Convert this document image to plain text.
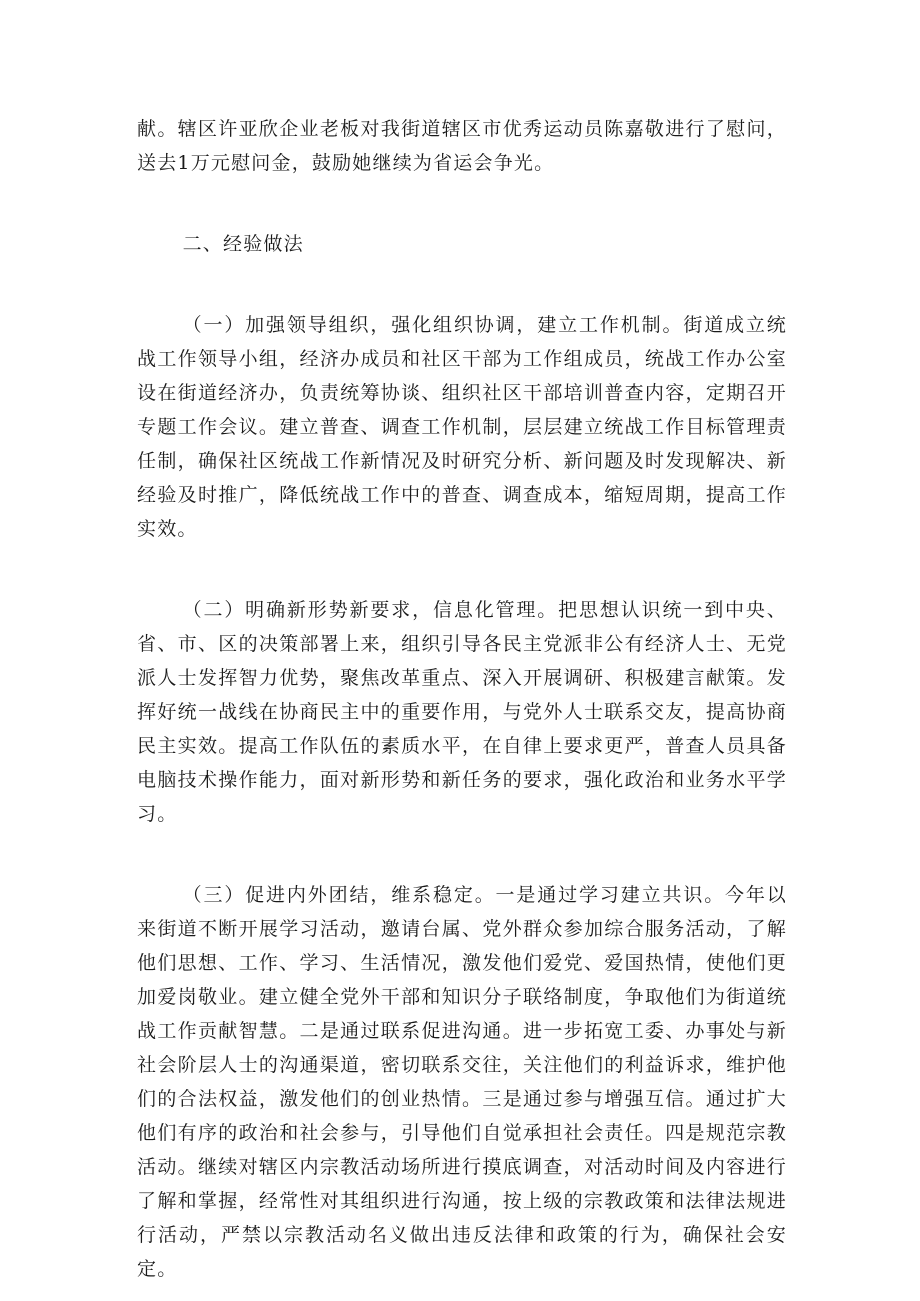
献。辖区许亚欣企业老板对我街道辖区市优秀运动员陈嘉敬进行了慰问，送去1万元慰问金，鼓励她继续为省运会争光。

二、经验做法

（一）加强领导组织，强化组织协调，建立工作机制。街道成立统战工作领导小组，经济办成员和社区干部为工作组成员，统战工作办公室设在街道经济办，负责统筹协谈、组织社区干部培训普查内容，定期召开专题工作会议。建立普查、调查工作机制，层层建立统战工作目标管理责任制，确保社区统战工作新情况及时研究分析、新问题及时发现解决、新经验及时推广，降低统战工作中的普查、调查成本，缩短周期，提高工作实效。

（二）明确新形势新要求，信息化管理。把思想认识统一到中央、省、市、区的决策部署上来，组织引导各民主党派非公有经济人士、无党派人士发挥智力优势，聚焦改革重点、深入开展调研、积极建言献策。发挥好统一战线在协商民主中的重要作用，与党外人士联系交友，提高协商民主实效。提高工作队伍的素质水平，在自律上要求更严，普查人员具备电脑技术操作能力，面对新形势和新任务的要求，强化政治和业务水平学习。

（三）促进内外团结，维系稳定。一是通过学习建立共识。今年以来街道不断开展学习活动，邀请台属、党外群众参加综合服务活动，了解他们思想、工作、学习、生活情况，激发他们爱党、爱国热情，使他们更加爱岗敬业。建立健全党外干部和知识分子联络制度，争取他们为街道统战工作贡献智慧。二是通过联系促进沟通。进一步拓宽工委、办事处与新社会阶层人士的沟通渠道，密切联系交往，关注他们的利益诉求，维护他们的合法权益，激发他们的创业热情。三是通过参与增强互信。通过扩大他们有序的政治和社会参与，引导他们自觉承担社会责任。四是规范宗教活动。继续对辖区内宗教活动场所进行摸底调查，对活动时间及内容进行了解和掌握，经常性对其组织进行沟通，按上级的宗教政策和法律法规进行活动，严禁以宗教活动名义做出违反法律和政策的行为，确保社会安定。
